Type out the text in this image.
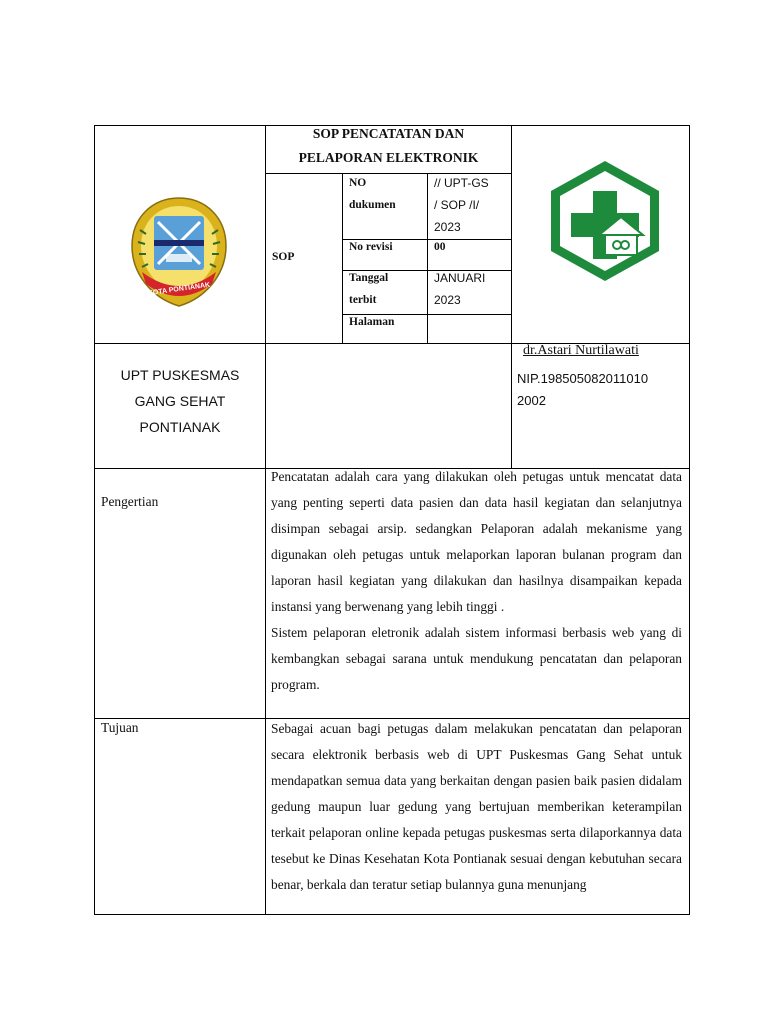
KOTA PONTIANAK
SOP PENCATATAN DAN
PELAPORAN ELEKTRONIK
SOP
NO
dukumen
No revisi
Tanggal
terbit
Halaman
// UPT-GS
/ SOP /I/
2023
00
JANUARI
2023
UPT PUSKESMAS
GANG SEHAT
PONTIANAK
dr.Astari Nurtilawati
NIP.198505082011010
2002
Pengertian

Pencatatan adalah cara yang dilakukan oleh petugas untuk mencatat data yang penting seperti data pasien dan data hasil kegiatan dan selanjutnya disimpan sebagai arsip. sedangkan Pelaporan adalah mekanisme yang digunakan oleh petugas untuk melaporkan laporan bulanan program dan laporan hasil kegiatan yang dilakukan dan hasilnya disampaikan kepada instansi yang berwenang yang lebih tinggi .

Sistem pelaporan eletronik adalah sistem informasi berbasis web yang di kembangkan sebagai sarana untuk mendukung pencatatan dan pelaporan program.

Tujuan	Sebagai acuan bagi petugas dalam melakukan pencatatan dan pelaporan secara elektronik berbasis web di UPT Puskesmas Gang Sehat untuk mendapatkan semua data yang berkaitan dengan pasien baik pasien didalam gedung maupun luar gedung yang bertujuan memberikan keterampilan terkait pelaporan online kepada petugas puskesmas serta dilaporkannya data tesebut ke Dinas Kesehatan Kota Pontianak sesuai dengan kebutuhan secara benar, berkala dan teratur setiap bulannya guna menunjang
